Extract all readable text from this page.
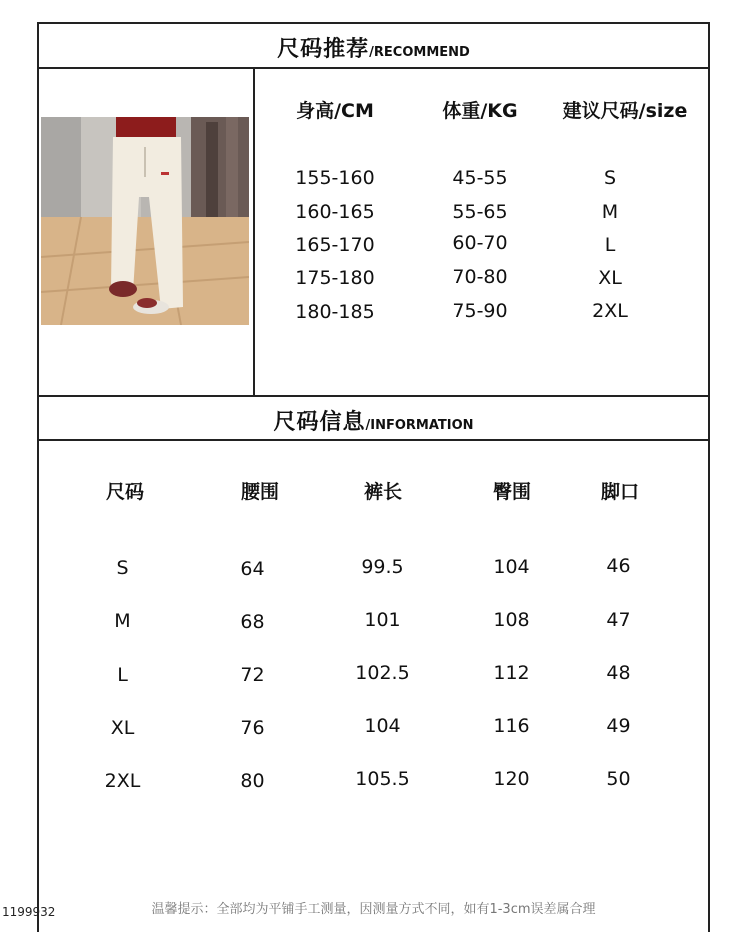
尺码推荐/RECOMMEND
身高/CM	体重/KG	建议尺码/size
155-160	45-55	S
160-165	55-65	M
165-170	60-70	L
175-180	70-80	XL
180-185	75-90	2XL
尺码信息/INFORMATION
尺码	腰围	裤长	臀围	脚口
S	64	99.5	104	46
M	68	101	108	47
L	72	102.5	112	48
XL	76	104	116	49
2XL	80	105.5	120	50
温馨提示：全部均为平铺手工测量，因测量方式不同，如有1-3cm误差属合理
1199932
